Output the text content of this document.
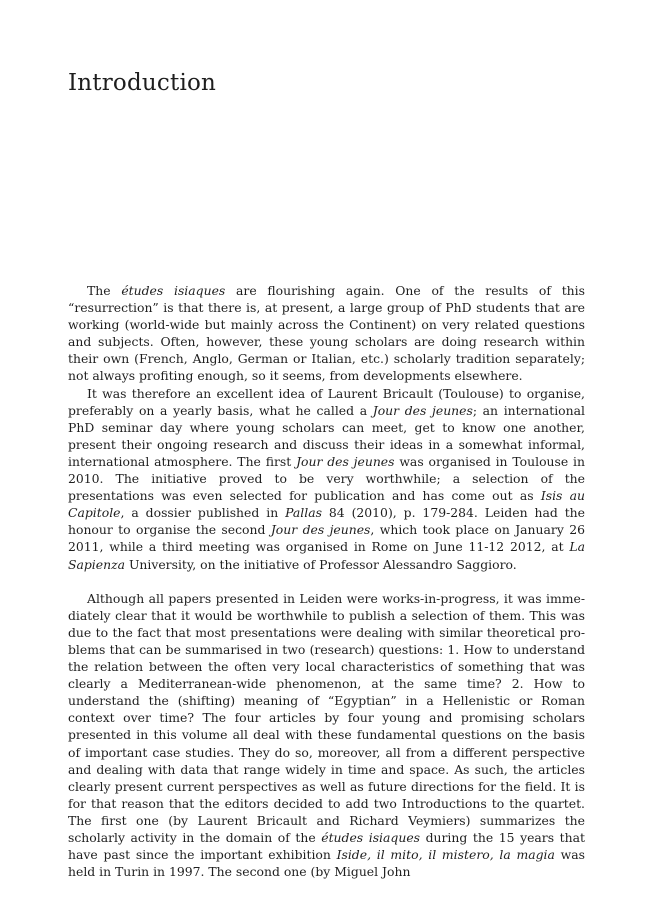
Introduction

The études isiaques are flourishing again. One of the results of this “resurrection” is that there is, at present, a large group of PhD students that are working (world-wide but mainly across the Continent) on very related questions and subjects. Often, however, these young scholars are doing research within their own (French, Anglo, German or Italian, etc.) scholarly tradition separately; not always profiting enough, so it seems, from developments elsewhere.

It was therefore an excellent idea of Laurent Bricault (Toulouse) to organise, preferably on a yearly basis, what he called a Jour des jeunes; an international PhD seminar day where young scholars can meet, get to know one another, present their ongoing research and discuss their ideas in a somewhat informal, international atmosphere. The first Jour des jeunes was organised in Toulouse in 2010. The initiative proved to be very worthwhile; a selection of the presentations was even selected for publication and has come out as Isis au Capitole, a dossier published in Pallas 84 (2010), p. 179-284. Leiden had the honour to organise the second Jour des jeunes, which took place on January 26 2011, while a third meeting was organised in Rome on June 11-12 2012, at La Sapienza University, on the initiative of Professor Alessandro Saggioro.

Although all papers presented in Leiden were works-in-progress, it was immediately clear that it would be worthwhile to publish a selection of them. This was due to the fact that most presentations were dealing with similar theoretical problems that can be summarised in two (research) questions: 1. How to understand the relation between the often very local characteristics of something that was clearly a Mediterranean-wide phenomenon, at the same time? 2. How to understand the (shifting) meaning of “Egyptian” in a Hellenistic or Roman context over time? The four articles by four young and promising scholars presented in this volume all deal with these fundamental questions on the basis of important case studies. They do so, moreover, all from a different perspective and dealing with data that range widely in time and space. As such, the articles clearly present current perspectives as well as future directions for the field. It is for that reason that the editors decided to add two Introductions to the quartet. The first one (by Laurent Bricault and Richard Veymiers) summarizes the scholarly activity in the domain of the études isiaques during the 15 years that have past since the important exhibition Iside, il mito, il mistero, la magia was held in Turin in 1997. The second one (by Miguel John
